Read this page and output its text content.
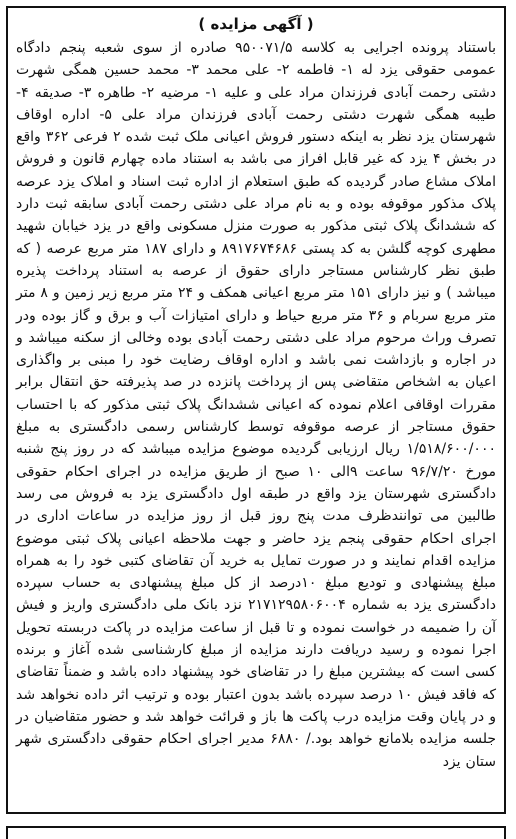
( آگهی مزایده )

باستناد پرونده اجرایی به کلاسه ۹۵۰۰۷۱/۵ صادره از سوی شعبه پنجم دادگاه عمومی حقوقی یزد له ۱- فاطمه ۲- علی محمد ۳- محمد حسین همگی شهرت دشتی رحمت آبادی فرزندان مراد علی و علیه ۱- مرضیه ۲- طاهره ۳- صدیقه ۴- طیبه همگی شهرت دشتی رحمت آبادی فرزندان مراد علی ۵- اداره اوقاف شهرستان یزد نظر به اینکه دستور فروش اعیانی ملک ثبت شده ۲ فرعی ۳۶۲ واقع در بخش ۴ یزد که غیر قابل افراز می باشد به استناد ماده چهارم قانون و فروش املاک مشاع صادر گردیده که طبق استعلام از اداره ثبت اسناد و املاک یزد عرصه پلاک مذکور موقوفه بوده و به نام مراد علی دشتی رحمت آبادی سابقه ثبت دارد که ششدانگ پلاک ثبتی مذکور به صورت منزل مسکونی واقع در یزد خیابان شهید مطهری کوچه گلشن به کد پستی ۸۹۱۷۶۷۴۶۸۶ و دارای ۱۸۷ متر مربع عرصه ( که طبق نظر کارشناس مستاجر دارای حقوق از عرصه به استناد پرداخت پذیره میباشد ) و نیز دارای ۱۵۱ متر مربع اعیانی همکف و ۲۴ متر مربع زیر زمین و ۸ متر متر مربع سربام و ۳۶ متر مربع حیاط و دارای امتیازات آب و برق و گاز بوده ودر تصرف وراث مرحوم مراد علی دشتی رحمت آبادی بوده وخالی از سکنه میباشد و در اجاره و بازداشت نمی باشد و اداره اوقاف رضایت خود را مبنی بر واگذاری اعیان به اشخاص متقاضی پس از پرداخت پانزده در صد پذیرفته حق انتقال برابر مقررات اوقافی اعلام نموده که اعیانی ششدانگ پلاک ثبتی مذکور که با احتساب حقوق مستاجر از عرصه موقوفه توسط کارشناس رسمی دادگستری به مبلغ ۱/۵۱۸/۶۰۰/۰۰۰ ریال ارزیابی گردیده موضوع مزایده میباشد که در روز پنج شنبه مورخ ۹۶/۷/۲۰ ساعت ۹الی ۱۰ صبح از طریق مزایده در اجرای احکام حقوقی دادگستری شهرستان یزد واقع در طبقه اول دادگستری یزد به فروش می رسد طالبین می توانندظرف مدت پنج روز قبل از روز مزایده در ساعات اداری در اجرای احکام حقوقی پنجم یزد حاضر و جهت ملاحظه اعیانی پلاک ثبتی موضوع مزایده اقدام نمایند و در صورت تمایل به خرید آن تقاضای کتبی خود را به همراه مبلغ پیشنهادی و تودیع مبلغ ۱۰درصد از کل مبلغ پیشنهادی به حساب سپرده دادگستری یزد به شماره ۲۱۷۱۲۹۵۸۰۶۰۰۴ نزد بانک ملی دادگستری واریز و فیش آن را ضمیمه در خواست نموده و تا قبل از ساعت مزایده در پاکت دربسته تحویل اجرا نموده و رسید دریافت دارند مزایده از مبلغ کارشناسی شده آغاز و برنده کسی است که بیشترین مبلغ را در تقاضای خود پیشنهاد داده باشد و ضمناً تقاضای که فاقد فیش ۱۰ درصد سپرده باشد بدون اعتبار بوده و ترتیب اثر داده نخواهد شد و در پایان وقت مزایده درب پاکت ها باز و قرائت خواهد شد و حضور متقاضیان در جلسه مزایده بلامانع خواهد بود./ ۶۸۸۰ مدیر اجرای احکام حقوقی دادگستری شهر ستان یزد
